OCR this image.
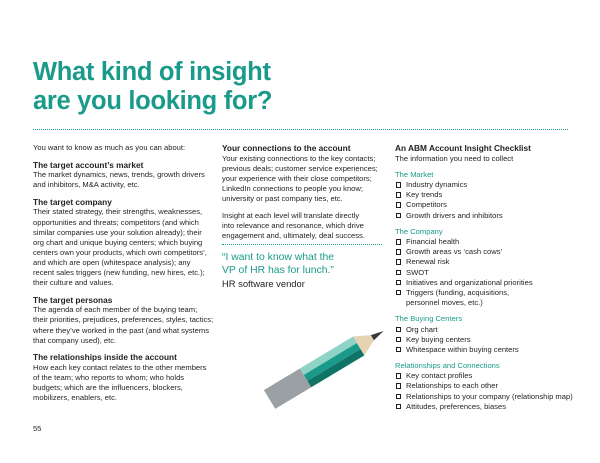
What kind of insight
are you looking for?

You want to know as much as you can about:

The target account’s market

The market dynamics, news, trends, growth drivers

and inhibitors, M&A activity, etc.

The target company

Their stated strategy, their strengths, weaknesses,

opportunities and threats; competitors (and which

similar companies use your solution already); their

org chart and unique buying centers; which buying

centers own your products, which own competitors’,

and which are open (whitespace analysis); any

recent sales triggers (new funding, new hires, etc.);

their culture and values.

The target personas

The agenda of each member of the buying team;

their priorities, prejudices, preferences, styles, tactics;

where they’ve worked in the past (and what systems

that company used), etc.

The relationships inside the account

How each key contact relates to the other members

of the team; who reports to whom; who holds

budgets; which are the influencers, blockers,

mobilizers, enablers, etc.

Your connections to the account

Your existing connections to the key contacts;

previous deals; customer service experiences;

your experience with their close competitors;

LinkedIn connections to people you know;

university or past company ties, etc.

Insight at each level will translate directly

into relevance and resonance, which drive

engagement and, ultimately, deal success.

“I want to know what the
VP of HR has for lunch.”

HR software vendor

An ABM Account Insight Checklist

The information you need to collect

The Market

Industry dynamics
Key trends
Competitors
Growth drivers and inhibitors

The Company

Financial health
Growth areas vs ‘cash cows’
Renewal risk
SWOT
Initiatives and organizational priorities
Triggers (funding, acquisitions,
personnel moves, etc.)

The Buying Centers

Org chart
Key buying centers
Whitespace within buying centers

Relationships and Connections

Key contact profiles
Relationships to each other
Relationships to your company (relationship map)
Attitudes, preferences, biases
55
